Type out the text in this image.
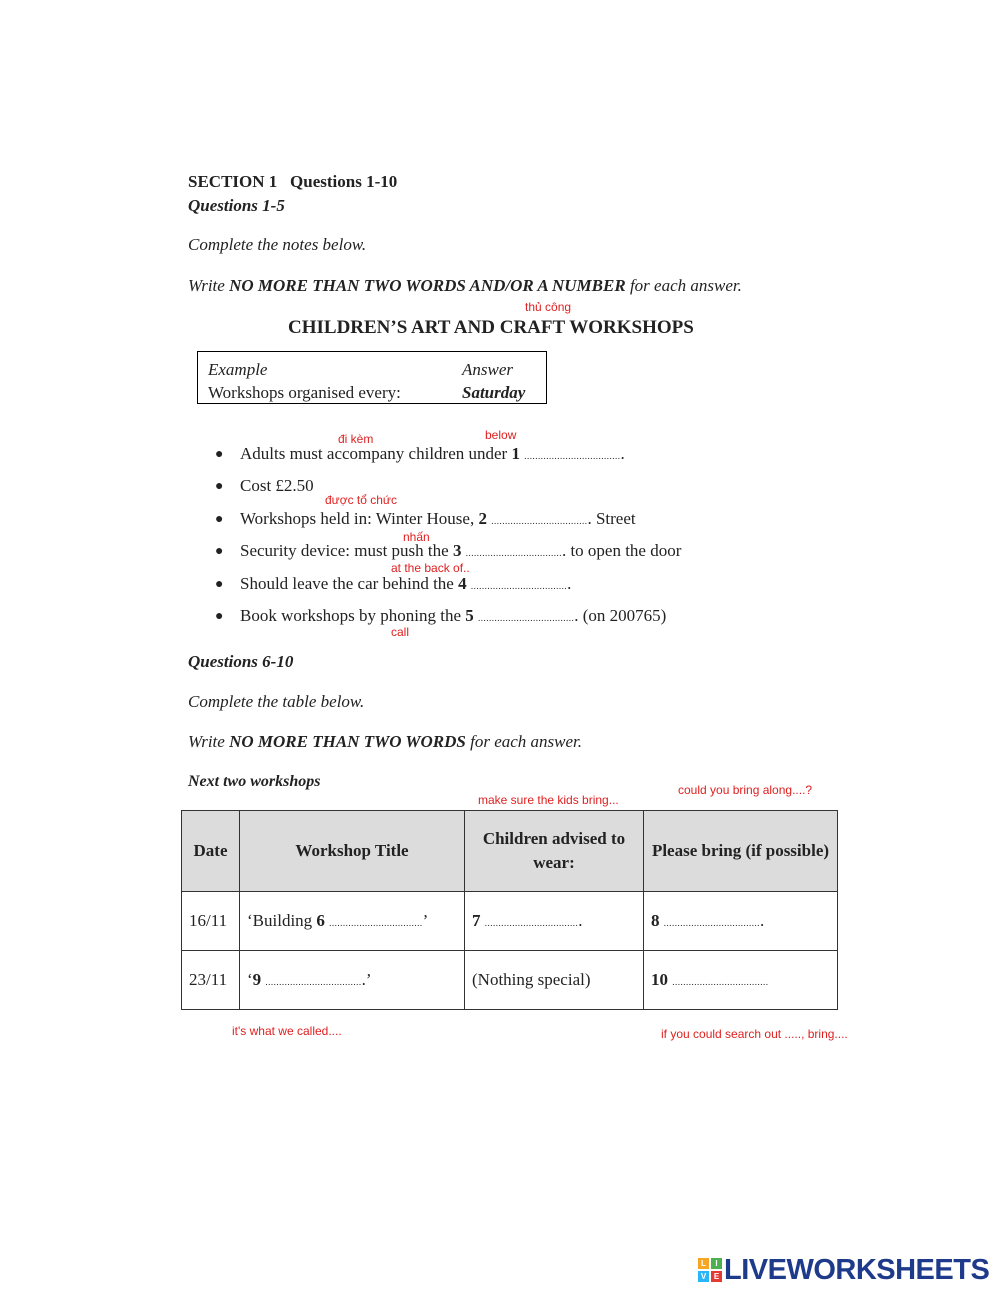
SECTION 1 Questions 1-10
Questions 1-5
Complete the notes below.
Write NO MORE THAN TWO WORDS AND/OR A NUMBER for each answer.
thủ công
CHILDREN’S ART AND CRAFT WORKSHOPS
Example	Answer
Workshops organised every:	Saturday
đi kèm	below
được tổ chức
nhấn
at the back of..
call
● Adults must accompany children under 1 ....................................
● Cost £2.50
● Workshops held in: Winter House, 2 .................................... Street
● Security device: must push the 3 .................................... to open the door
● Should leave the car behind the 4 ....................................
● Book workshops by phoning the 5 .................................... (on 200765)
Questions 6-10
Complete the table below.
Write NO MORE THAN TWO WORDS for each answer.
Next two workshops	could you bring along....?
make sure the kids bring...
Date	Workshop Title	Children advised to wear:	Please bring (if possible)
16/11	‘Building 6 ..................................’	7 ...................................	8 ....................................
23/11	‘9 ....................................’	(Nothing special)	10 ...................................
it's what we called....	if you could search out ....., bring....
L	I
V E LIVEWORKSHEETS
